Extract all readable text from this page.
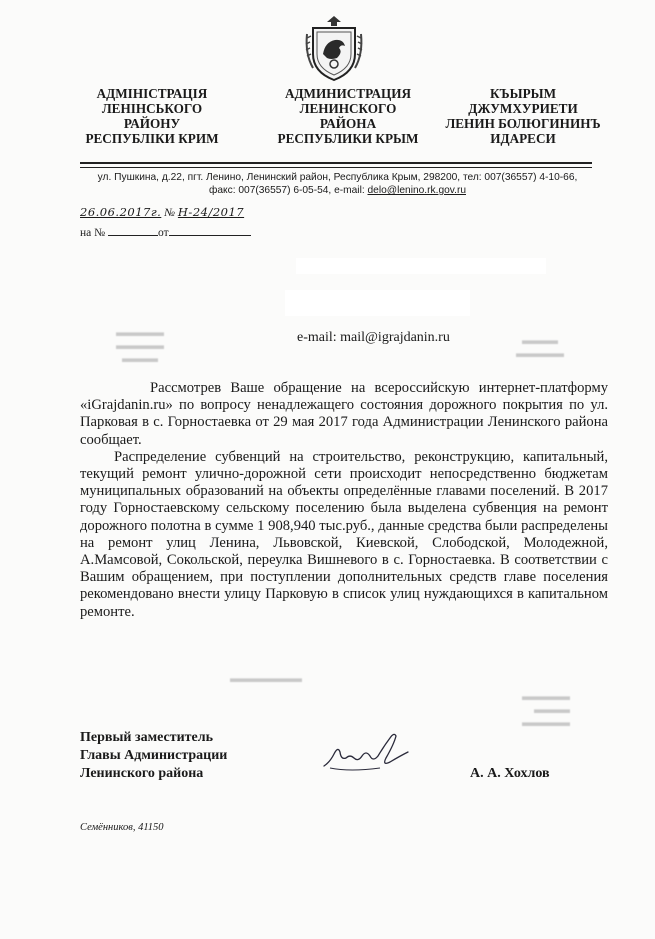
▬▬▬▬
▬▬▬▬
▬▬▬
▬▬▬
▬▬▬▬
▬▬▬▬▬▬
▬▬▬▬
▬▬▬
▬▬▬▬
АДМІНІСТРАЦІЯ
ЛЕНІНСЬКОГО
РАЙОНУ
РЕСПУБЛІКИ КРИМ
АДМИНИСТРАЦИЯ
ЛЕНИНСКОГО
РАЙОНА
РЕСПУБЛИКИ КРЫМ
КЪЫРЫМ
ДЖУМХУРИЕТИ
ЛЕНИН БОЛЮГИНИНЪ
ИДАРЕСИ
ул. Пушкина, д.22, пгт. Ленино, Ленинский район, Республика Крым, 298200, тел: 007(36557) 4-10-66,
факс: 007(36557) 6-05-54, e-mail: delo@lenino.rk.gov.ru
26.06.2017г. № Н-24/2017
на №	от
e-mail: mail@igrajdanin.ru

Рассмотрев Ваше обращение на всероссийскую интернет-платформу «iGrajdanin.ru» по вопросу ненадлежащего состояния дорожного покрытия по ул. Парковая в с. Горностаевка от 29 мая 2017 года Администрации Ленинского района сообщает.

Распределение субвенций на строительство, реконструкцию, капитальный, текущий ремонт улично-дорожной сети происходит непосредственно бюджетам муниципальных образований на объекты определённые главами поселений. В 2017 году Горностаевскому сельскому поселению была выделена субвенция на ремонт дорожного полотна в сумме 1 908,940 тыс.руб., данные средства были распределены на ремонт улиц Ленина, Львовской, Киевской, Слободской, Молодежной, А.Мамсовой, Сокольской, переулка Вишневого в с. Горностаевка. В соответствии с Вашим обращением, при поступлении дополнительных средств главе поселения рекомендовано внести улицу Парковую в список улиц нуждающихся в капитальном ремонте.

Первый заместитель
Главы Администрации
Ленинского района	А. А. Хохлов
Семёнников, 41150
